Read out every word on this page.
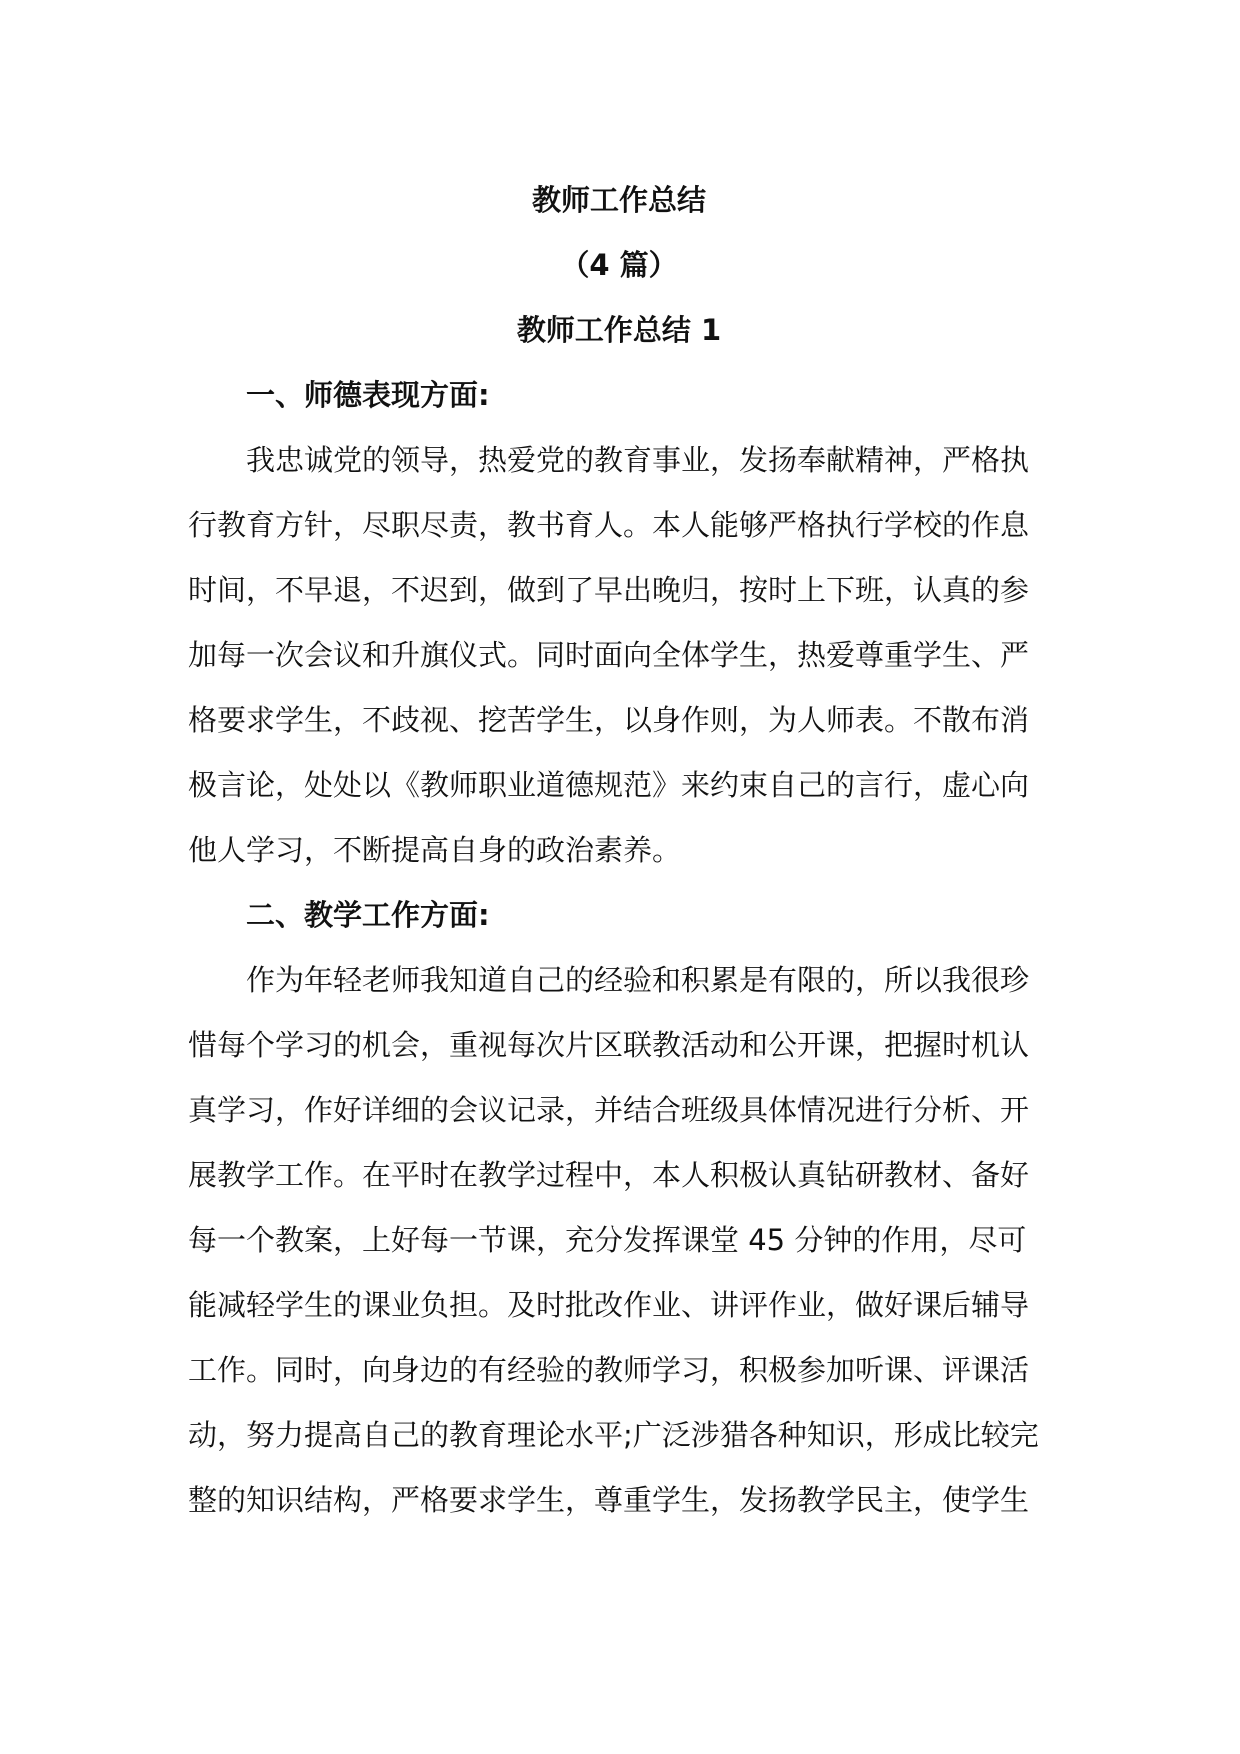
教师工作总结
（4 篇）
教师工作总结 1
一、师德表现方面:
我忠诚党的领导，热爱党的教育事业，发扬奉献精神，严格执
行教育方针，尽职尽责，教书育人。本人能够严格执行学校的作息
时间，不早退，不迟到，做到了早出晚归，按时上下班，认真的参
加每一次会议和升旗仪式。同时面向全体学生，热爱尊重学生、严
格要求学生，不歧视、挖苦学生，以身作则，为人师表。不散布消
极言论，处处以《教师职业道德规范》来约束自己的言行，虚心向
他人学习，不断提高自身的政治素养。
二、教学工作方面:
作为年轻老师我知道自己的经验和积累是有限的，所以我很珍
惜每个学习的机会，重视每次片区联教活动和公开课，把握时机认
真学习，作好详细的会议记录，并结合班级具体情况进行分析、开
展教学工作。在平时在教学过程中，本人积极认真钻研教材、备好
每一个教案，上好每一节课，充分发挥课堂 45 分钟的作用，尽可
能减轻学生的课业负担。及时批改作业、讲评作业，做好课后辅导
工作。同时，向身边的有经验的教师学习，积极参加听课、评课活
动，努力提高自己的教育理论水平;广泛涉猎各种知识，形成比较完
整的知识结构，严格要求学生，尊重学生，发扬教学民主，使学生
